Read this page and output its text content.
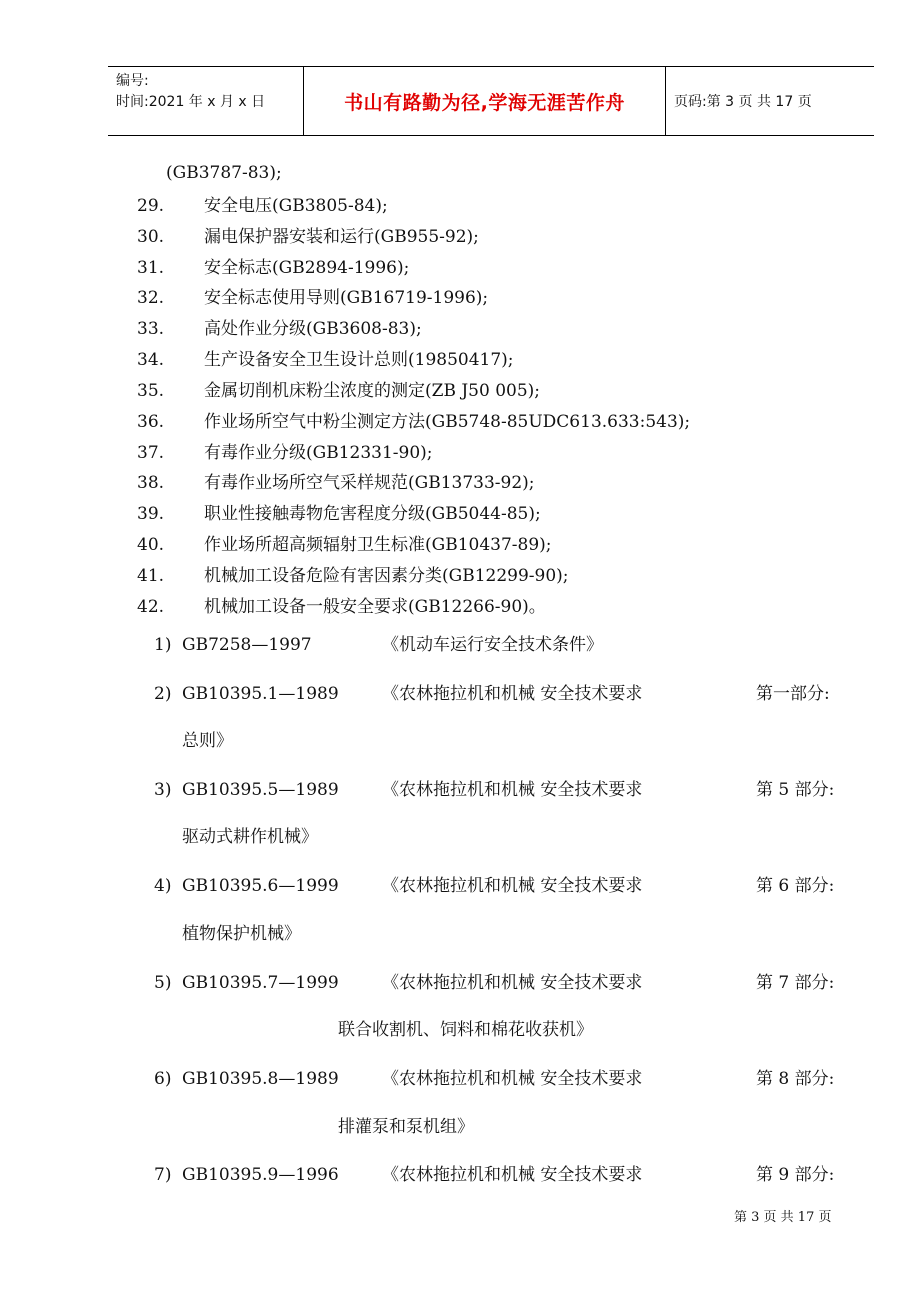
编号:
时间:2021 年 x 月 x 日	书山有路勤为径,学海无涯苦作舟	页码:第 3 页 共 17 页
(GB3787-83);
29.	安全电压(GB3805-84);
30.	漏电保护器安装和运行(GB955-92);
31.	安全标志(GB2894-1996);
32.	安全标志使用导则(GB16719-1996);
33.	高处作业分级(GB3608-83);
34.	生产设备安全卫生设计总则(19850417);
35.	金属切削机床粉尘浓度的测定(ZB J50 005);
36.	作业场所空气中粉尘测定方法(GB5748-85UDC613.633:543);
37.	有毒作业分级(GB12331-90);
38.	有毒作业场所空气采样规范(GB13733-92);
39.	职业性接触毒物危害程度分级(GB5044-85);
40.	作业场所超高频辐射卫生标准(GB10437-89);
41.	机械加工设备危险有害因素分类(GB12299-90);
42.	机械加工设备一般安全要求(GB12266-90)。
1) GB7258—1997	《机动车运行安全技术条件》
2) GB10395.1—1989	《农林拖拉机和机械 安全技术要求	第一部分:
总则》
3) GB10395.5—1989	《农林拖拉机和机械 安全技术要求	第 5 部分:
驱动式耕作机械》
4) GB10395.6—1999	《农林拖拉机和机械 安全技术要求	第 6 部分:
植物保护机械》
5) GB10395.7—1999	《农林拖拉机和机械 安全技术要求	第 7 部分:
联合收割机、饲料和棉花收获机》
6) GB10395.8—1989	《农林拖拉机和机械 安全技术要求	第 8 部分:
排灌泵和泵机组》
7) GB10395.9—1996	《农林拖拉机和机械 安全技术要求	第 9 部分:
第 3 页 共 17 页
